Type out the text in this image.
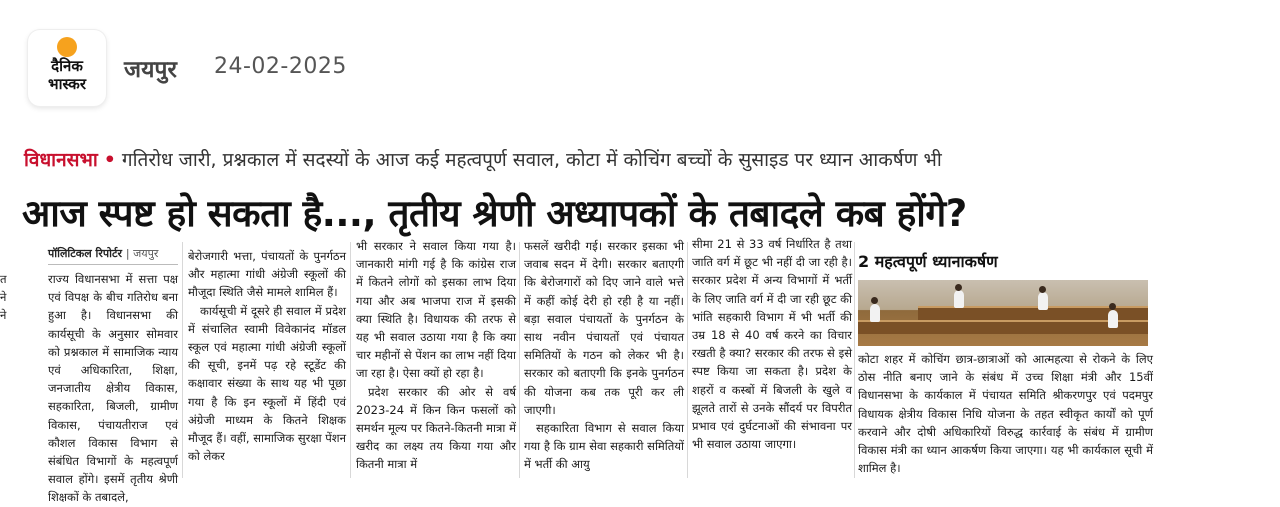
दैनिक
भास्कर
जयपुर 24-02-2025
विधानसभा • गतिरोध जारी, प्रश्नकाल में सदस्यों के आज कई महत्वपूर्ण सवाल, कोटा में कोचिंग बच्चों के सुसाइड पर ध्यान आकर्षण भी
आज स्पष्ट हो सकता है..., तृतीय श्रेणी अध्यापकों के तबादले कब होंगे?
त
ने
ने
पॉलिटिकल रिपोर्टर | जयपुर

राज्य विधानसभा में सत्ता पक्ष एवं विपक्ष के बीच गतिरोध बना हुआ है। विधानसभा की कार्यसूची के अनुसार सोमवार को प्रश्नकाल में सामाजिक न्याय एवं अधिकारिता, शिक्षा, जनजातीय क्षेत्रीय विकास, सहकारिता, बिजली, ग्रामीण विकास, पंचायतीराज एवं कौशल विकास विभाग से संबंधित विभागों के महत्वपूर्ण सवाल होंगे। इसमें तृतीय श्रेणी शिक्षकों के तबादले,

बेरोजगारी भत्ता, पंचायतों के पुनर्गठन और महात्मा गांधी अंग्रेजी स्कूलों की मौजूदा स्थिति जैसे मामले शामिल हैं।

कार्यसूची में दूसरे ही सवाल में प्रदेश में संचालित स्वामी विवेकानंद मॉडल स्कूल एवं महात्मा गांधी अंग्रेजी स्कूलों की सूची, इनमें पढ़ रहे स्टूडेंट की कक्षावार संख्या के साथ यह भी पूछा गया है कि इन स्कूलों में हिंदी एवं अंग्रेजी माध्यम के कितने शिक्षक मौजूद हैं। वहीं, सामाजिक सुरक्षा पेंशन को लेकर

भी सरकार ने सवाल किया गया है। जानकारी मांगी गई है कि कांग्रेस राज में कितने लोगों को इसका लाभ दिया गया और अब भाजपा राज में इसकी क्या स्थिति है। विधायक की तरफ से यह भी सवाल उठाया गया है कि क्या चार महीनों से पेंशन का लाभ नहीं दिया जा रहा है। ऐसा क्यों हो रहा है।

प्रदेश सरकार की ओर से वर्ष 2023-24 में किन किन फसलों को समर्थन मूल्य पर कितने-कितनी मात्रा में खरीद का लक्ष्य तय किया गया और कितनी मात्रा में

फसलें खरीदी गई। सरकार इसका भी जवाब सदन में देगी। सरकार बताएगी कि बेरोजगारों को दिए जाने वाले भत्ते में कहीं कोई देरी हो रही है या नहीं। बड़ा सवाल पंचायतों के पुनर्गठन के साथ नवीन पंचायतों एवं पंचायत समितियों के गठन को लेकर भी है। सरकार को बताएगी कि इनके पुनर्गठन की योजना कब तक पूरी कर ली जाएगी।

सहकारिता विभाग से सवाल किया गया है कि ग्राम सेवा सहकारी समितियों में भर्ती की आयु

सीमा 21 से 33 वर्ष निर्धारित है तथा जाति वर्ग में छूट भी नहीं दी जा रही है। सरकार प्रदेश में अन्य विभागों में भर्ती के लिए जाति वर्ग में दी जा रही छूट की भांति सहकारी विभाग में भी भर्ती की उम्र 18 से 40 वर्ष करने का विचार रखती है क्या? सरकार की तरफ से इसे स्पष्ट किया जा सकता है। प्रदेश के शहरों व कस्बों में बिजली के खुले व झूलते तारों से उनके सौंदर्य पर विपरीत प्रभाव एवं दुर्घटनाओं की संभावना पर भी सवाल उठाया जाएगा।

2 महत्वपूर्ण ध्यानाकर्षण
कोटा शहर में कोचिंग छात्र-छात्राओं को आत्महत्या से रोकने के लिए ठोस नीति बनाए जाने के संबंध में उच्च शिक्षा मंत्री और 15वीं विधानसभा के कार्यकाल में पंचायत समिति श्रीकरणपुर एवं पदमपुर विधायक क्षेत्रीय विकास निधि योजना के तहत स्वीकृत कार्यों को पूर्ण करवाने और दोषी अधिकारियों विरुद्ध कार्रवाई के संबंध में ग्रामीण विकास मंत्री का ध्यान आकर्षण किया जाएगा। यह भी कार्यकाल सूची में शामिल है।
